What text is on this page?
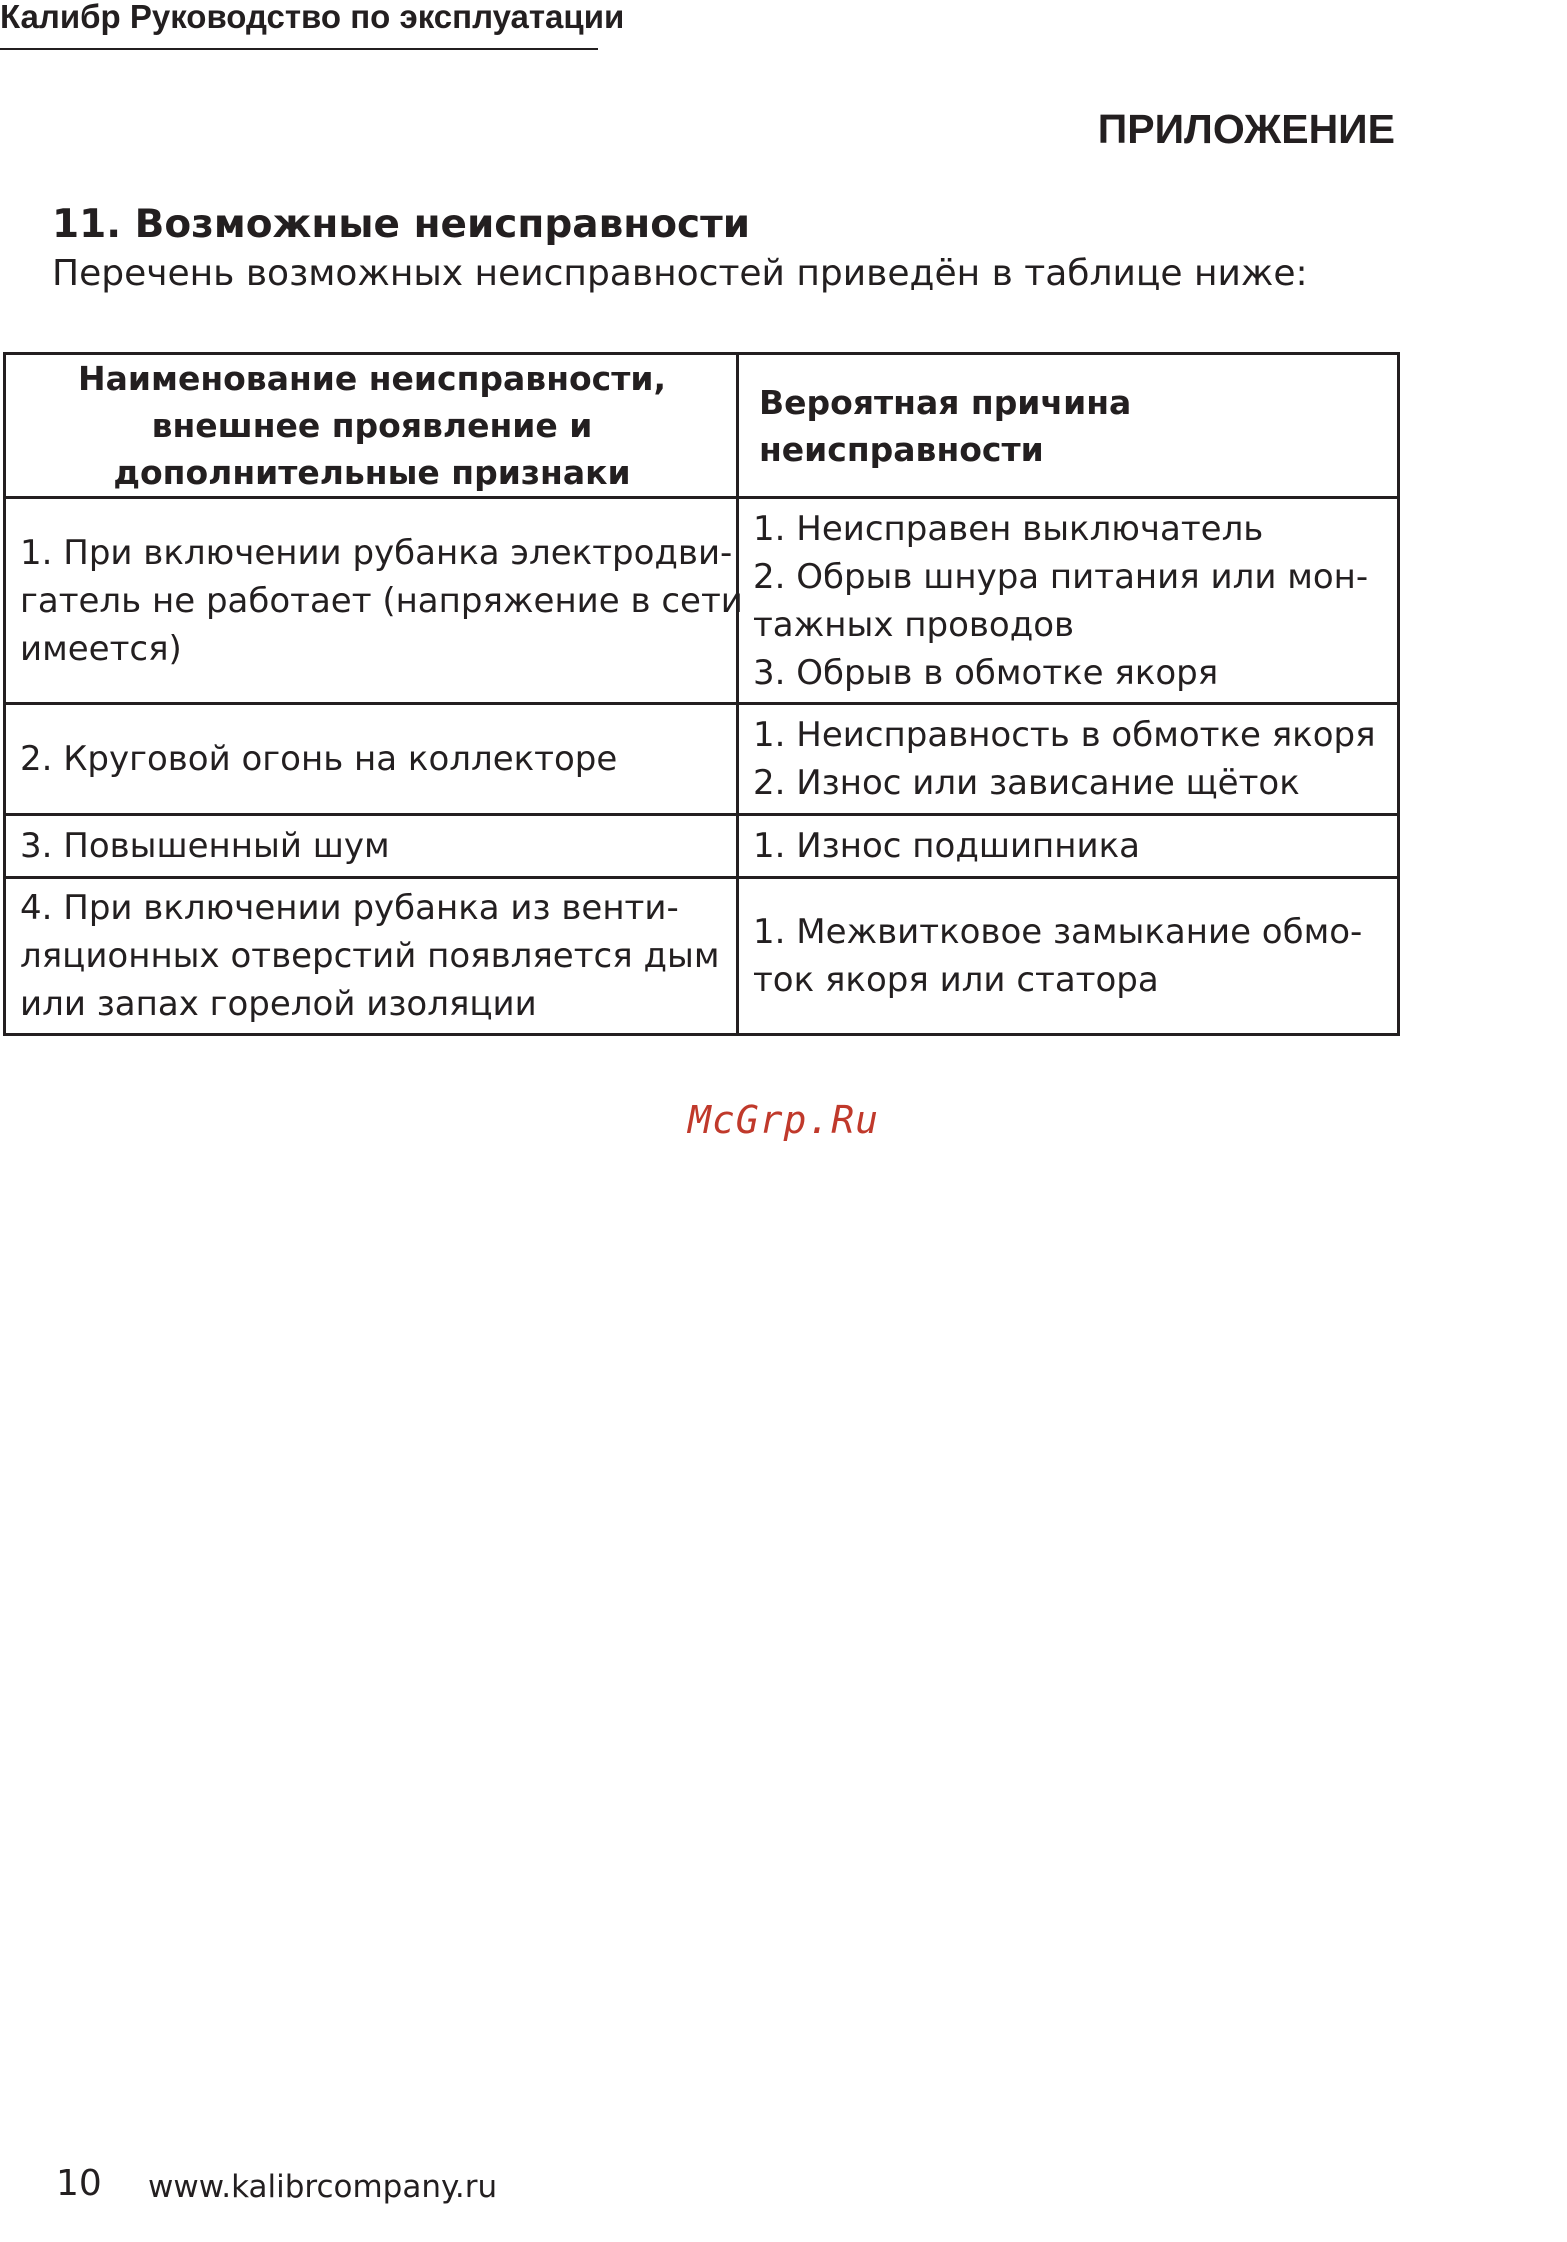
Калибр Руководство по эксплуатации
ПРИЛОЖЕНИЕ
11. Возможные неисправности
Перечень возможных неисправностей приведён в таблице ниже:
Наименование неисправности, внешнее проявление и дополнительные признаки	Вероятная причина неисправности

1. При включении рубанка электродви-
гатель не работает (напряжение в сети
имеется)	1. Неисправен выключатель
2. Обрыв шнура питания или мон-
тажных проводов
3. Обрыв в обмотке якоря

2. Круговой огонь на коллекторе	1. Неисправность в обмотке якоря
2. Износ или зависание щёток

3. Повышенный шум	1. Износ подшипника

4. При включении рубанка из венти-
ляционных отверстий появляется дым
или запах горелой изоляции	1. Межвитковое замыкание обмо-
ток якоря или статора
McGrp.Ru
10 www.kalibrcompany.ru
